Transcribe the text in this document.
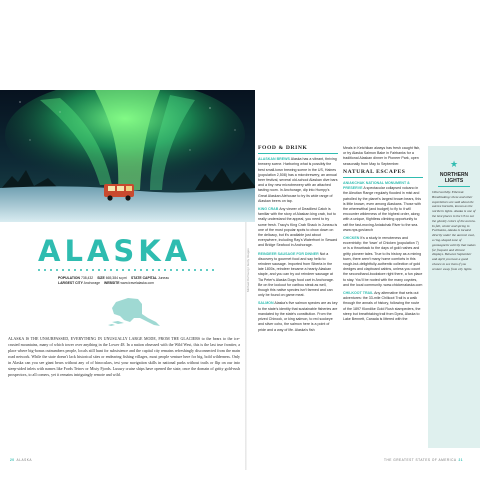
Michael DeYoung / Getty Images
ALASKA
POPULATION 738,432 SIZE 665,384 sq mi STATE CAPITAL Juneau
LARGEST CITY Anchorage WEBSITE www.travelalaska.com

ALASKA IS THE UNSURPASSED, EVERYTHING IN UNUSUALLY LARGE MODE, FROM THE GLACIERS to the bears to the ice-crusted mountains, many of which tower over anything in the Lower 48. In a nation obsessed with the Wild West, this is the last true frontier, a place where big-bonus outnumbers people, locals still hunt for subsistence and the capital city remains refreshingly disconnected from the main road network. While the state doesn't lack historical sites or endearing fishing villages, most people venture here for big, bold wilderness. Only in Alaska can you see giant bears without any of of binoculars, test your navigation skills in national parks without trails or flip on our into steep-sided inlets with names like Fords Tetrov or Misty Fjords. Luxury cruise ships have opened the state, once the domain of gritty gold-rush prospectors, to all comers, yet it remains intriguingly remote and wild.

20 ALASKA
FOOD & DRINK

ALASKAN BREWS Alaska has a vibrant, thriving brewery scene. Harboring what is possibly the best small-town brewing scene in the US, Haines (population 2,508) has a microbrewery, an annual beer festival, several old-school Alaskan dive bars and a tiny new microbrewery with an attached tasting room. In Anchorage, dip into Humpy's Great Alaskan Alehouse to try its wide range of Alaskan beers on tap.

KING CRAB Any viewer of Deadliest Catch is familiar with the story of Alaskan king crab, but to really understand the appeal, you need to try some fresh. Tracy's King Crab Shack in Juneau is one of the most popular spots to chow down on the delicacy, but it's available just about everywhere, including Ray's Waterfront in Seward and Bridge Seafood in Anchorage.

REINDEER SAUSAGE FOR DINNER Not a discovery to gourmet food and say hello to reindeer sausage. Imported from Siberia in the late 1800s, reindeer became a hearty Alaskan staple, and you can try out reindeer sausage at Tia Peter's Alaska Dogs food cart in Anchorage. Be on the lookout for caribou steak as well, though this native species isn't farmed and can only be found on game meat.

SALMON Alaska's five salmon species are as key to the state's identity that sustainable fisheries are mandated by the state's constitution. From the prized Chinook, or king salmon, to red sockeye and silver coho, the salmon here is a point of pride and a way of life. Alaska's fish

Meals in Ketchikan always has fresh caught fish, or try Alaska Salmon Bake in Fairbanks for a traditional Alaskan dinner in Pioneer Park, open seasonally from May to September.

NATURAL ESCAPES

ANIAKCHAK NATIONAL MONUMENT & PRESERVE A spectacular collapsed volcano in the Aleutian Range regularly flooded in mist and patrolled by the planet's largest brown bears, this is little known, even among Alaskans. Those with the wherewithal (and budget) to fly to it will encounter wilderness of the highest order, along with a unique, flightless climbing opportunity to raft the fast-moving Aniakchak River to the sea. www.nps.gov/anch

CHICKEN It's a study in remoteness and eccentricity: the 'town' of Chicken (population 7) or is a throwback to the days of gold rushes and gritty pioneer tales. True to its history as a mining town, there aren't many home comforts in this rough-but-delightfully-authentic collection of gold dredges and clapboard cabins, unless you count the secondhand-bookstore right there, a fun place to stay. You'll be rooted with the many coyotes, and the local community. www.chickenalaska.com

CHILKOOT TRAIL Any alternative that sets out adventures: the 33-mile Chilkoot Trail is a walk through the annals of history, following the route of the 1897 Klondike Gold Rush stampeders, the steep but breathtaking trail from Dyea, Alaska to Lake Bennett, Canada is littered with the

★
NORTHERN LIGHTS
Otherworldly. Ethereal. Breathtaking: these and other superlatives are said about the aurora borealis, known as the northern lights. Alaska is one of the best places in the US to see the ghostly colors of the aurora. In fall, winter and spring in Fairbanks, Alaska is located directly under the auroral oval, a ring-shaped zone of geomagnetic activity that makes for frequent and vibrant displays. Between September and April you have a good chance to see them if you venture away from city lights.
THE GREATEST STATES OF AMERICA 21
